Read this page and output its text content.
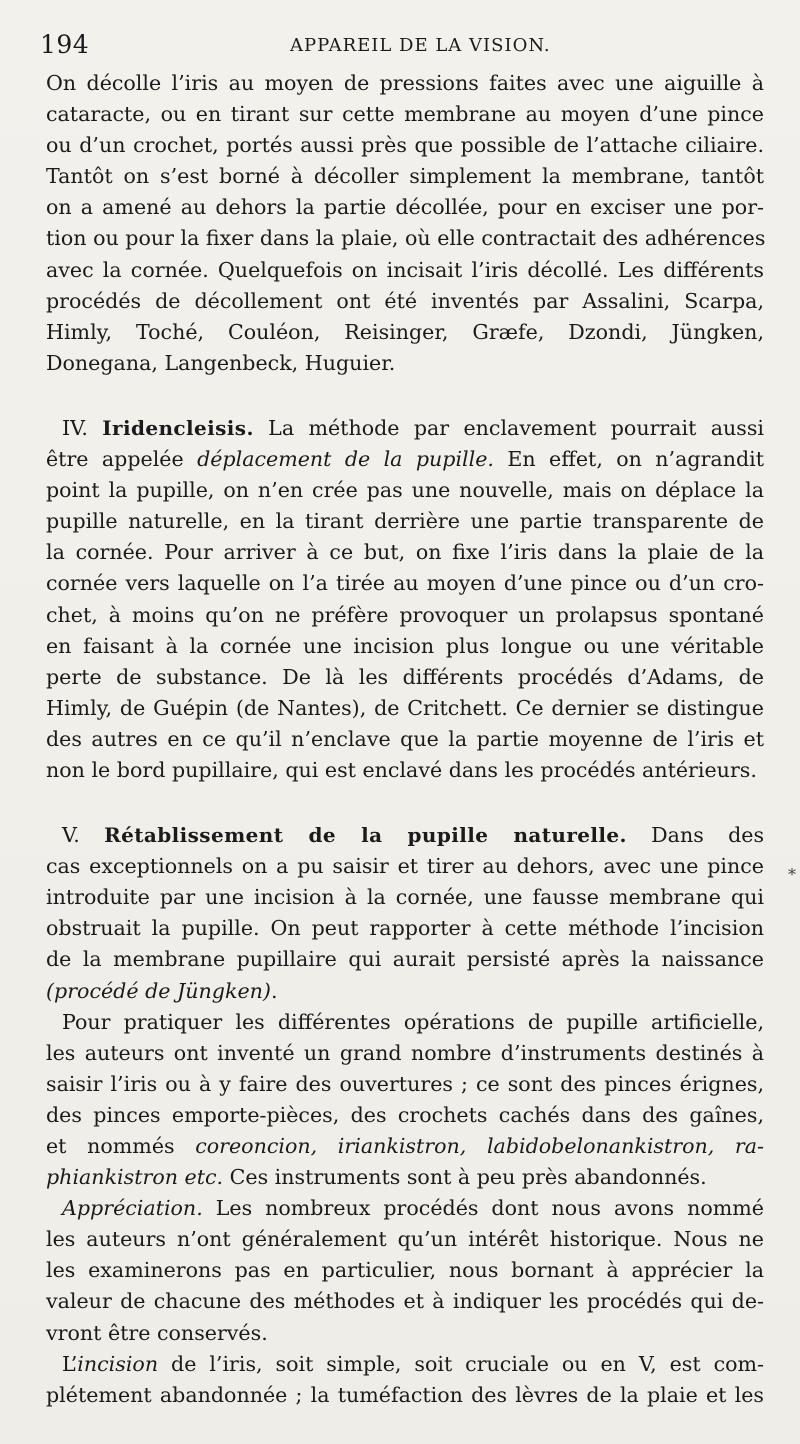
194	APPAREIL DE LA VISION.
On décolle l’iris au moyen de pressions faites avec une aiguille à
cataracte, ou en tirant sur cette membrane au moyen d’une pince
ou d’un crochet, portés aussi près que possible de l’attache ciliaire.
Tantôt on s’est borné à décoller simplement la membrane, tantôt
on a amené au dehors la partie décollée, pour en exciser une por-
tion ou pour la fixer dans la plaie, où elle contractait des adhérences
avec la cornée. Quelquefois on incisait l’iris décollé. Les différents
procédés de décollement ont été inventés par Assalini, Scarpa,
Himly, Toché, Couléon, Reisinger, Græfe, Dzondi, Jüngken,
Donegana, Langenbeck, Huguier.
IV. Iridencleisis. La méthode par enclavement pourrait aussi
être appelée déplacement de la pupille. En effet, on n’agrandit
point la pupille, on n’en crée pas une nouvelle, mais on déplace la
pupille naturelle, en la tirant derrière une partie transparente de
la cornée. Pour arriver à ce but, on fixe l’iris dans la plaie de la
cornée vers laquelle on l’a tirée au moyen d’une pince ou d’un cro-
chet, à moins qu’on ne préfère provoquer un prolapsus spontané
en faisant à la cornée une incision plus longue ou une véritable
perte de substance. De là les différents procédés d’Adams, de
Himly, de Guépin (de Nantes), de Critchett. Ce dernier se distingue
des autres en ce qu’il n’enclave que la partie moyenne de l’iris et
non le bord pupillaire, qui est enclavé dans les procédés antérieurs.
V. Rétablissement de la pupille naturelle. Dans des
cas exceptionnels on a pu saisir et tirer au dehors, avec une pince
introduite par une incision à la cornée, une fausse membrane qui
obstruait la pupille. On peut rapporter à cette méthode l’incision
de la membrane pupillaire qui aurait persisté après la naissance
(procédé de Jüngken).
Pour pratiquer les différentes opérations de pupille artificielle,
les auteurs ont inventé un grand nombre d’instruments destinés à
saisir l’iris ou à y faire des ouvertures ; ce sont des pinces érignes,
des pinces emporte-pièces, des crochets cachés dans des gaînes,
et nommés coreoncion, iriankistron, labidobelonankistron, ra-
phiankistron etc. Ces instruments sont à peu près abandonnés.
Appréciation. Les nombreux procédés dont nous avons nommé
les auteurs n’ont généralement qu’un intérêt historique. Nous ne
les examinerons pas en particulier, nous bornant à apprécier la
valeur de chacune des méthodes et à indiquer les procédés qui de-
vront être conservés.
L’incision de l’iris, soit simple, soit cruciale ou en V, est com-
plétement abandonnée ; la tuméfaction des lèvres de la plaie et les
*
